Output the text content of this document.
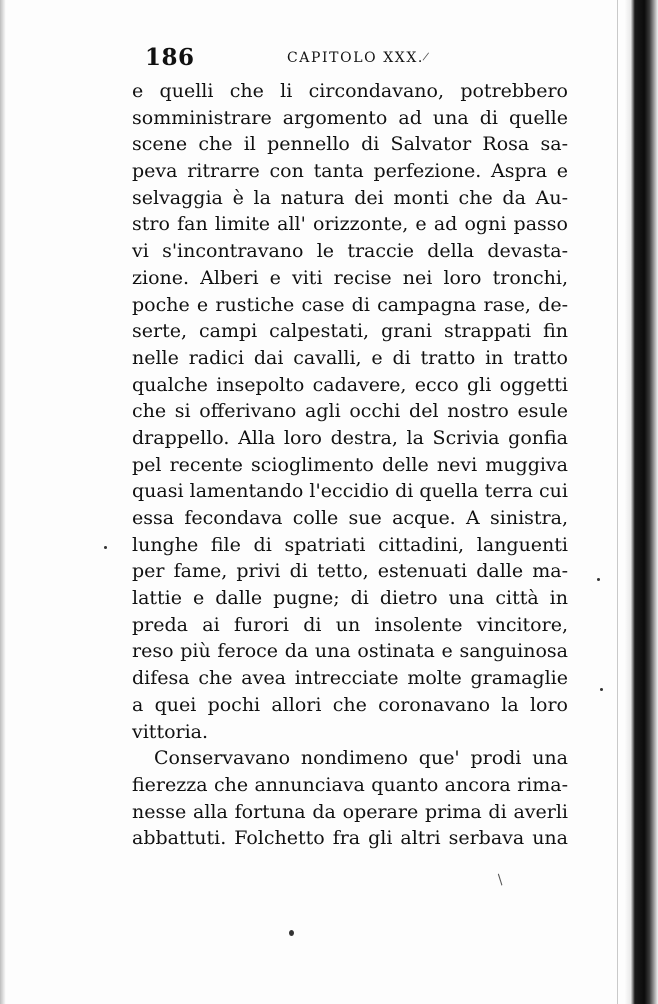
186	CAPITOLO XXX.
e quelli che li circondavano, potrebbero
somministrare argomento ad una di quelle
scene che il pennello di Salvator Rosa sa-
peva ritrarre con tanta perfezione. Aspra e
selvaggia è la natura dei monti che da Au-
stro fan limite all' orizzonte, e ad ogni passo
vi s'incontravano le traccie della devasta-
zione. Alberi e viti recise nei loro tronchi,
poche e rustiche case di campagna rase, de-
serte, campi calpestati, grani strappati fin
nelle radici dai cavalli, e di tratto in tratto
qualche insepolto cadavere, ecco gli oggetti
che si offerivano agli occhi del nostro esule
drappello. Alla loro destra, la Scrivia gonfia
pel recente scioglimento delle nevi muggiva
quasi lamentando l'eccidio di quella terra cui
essa fecondava colle sue acque. A sinistra,
lunghe file di spatriati cittadini, languenti
per fame, privi di tetto, estenuati dalle ma-
lattie e dalle pugne; di dietro una città in
preda ai furori di un insolente vincitore,
reso più feroce da una ostinata e sanguinosa
difesa che avea intrecciate molte gramaglie
a quei pochi allori che coronavano la loro
vittoria.
Conservavano nondimeno que' prodi una
fierezza che annunciava quanto ancora rima-
nesse alla fortuna da operare prima di averli
abbattuti. Folchetto fra gli altri serbava una
/
/
